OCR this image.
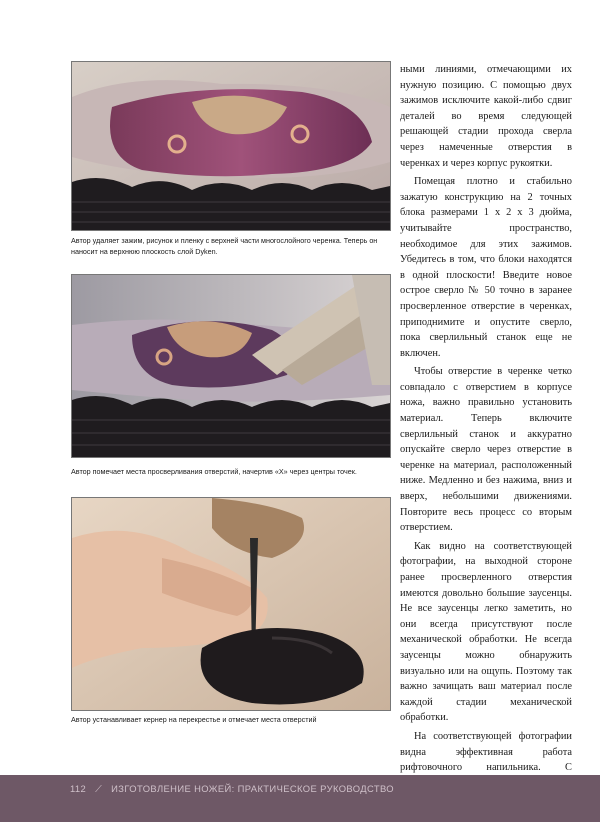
Автор удаляет зажим, рисунок и пленку с верхней части многослойного черенка. Теперь он наносит на верхнюю плоскость слой Dyken.
Автор помечает места просверливания отверстий, начертив «X» через центры точек.
Автор устанавливает кернер на перекрестье и отмечает места отверстий

ными линиями, отмечающими их нужную позицию. С помощью двух зажимов исключите какой-либо сдвиг деталей во время следующей решающей стадии прохода сверла через намеченные отверстия в черенках и через корпус рукоятки.

Помещая плотно и стабильно зажатую конструкцию на 2 точных блока размерами 1 х 2 х 3 дюйма, учитывайте пространство, необходимое для этих зажимов. Убедитесь в том, что блоки находятся в одной плоскости! Введите новое острое сверло № 50 точно в заранее просверленное отверстие в черенках, приподнимите и опустите сверло, пока сверлильный станок еще не включен.

Чтобы отверстие в черенке четко совпадало с отверстием в корпусе ножа, важно правильно установить материал. Теперь включите сверлильный станок и аккуратно опускайте сверло через отверстие в черенке на материал, расположенный ниже. Медленно и без нажима, вниз и вверх, небольшими движениями. Повторите весь процесс со вторым отверстием.

Как видно на соответствующей фотографии, на выходной стороне ранее просверленного отверстия имеются довольно большие заусенцы. Не все заусенцы легко заметить, но они всегда присутствуют после механической обработки. Не всегда заусенцы можно обнаружить визуально или на ощупь. Поэтому так важно зачищать ваш материал после каждой стадии механической обработки.

На соответствующей фотографии видна эффективная работа рифтовочного напильника. С

112 ⟋ ИЗГОТОВЛЕНИЕ НОЖЕЙ: ПРАКТИЧЕСКОЕ РУКОВОДСТВО
